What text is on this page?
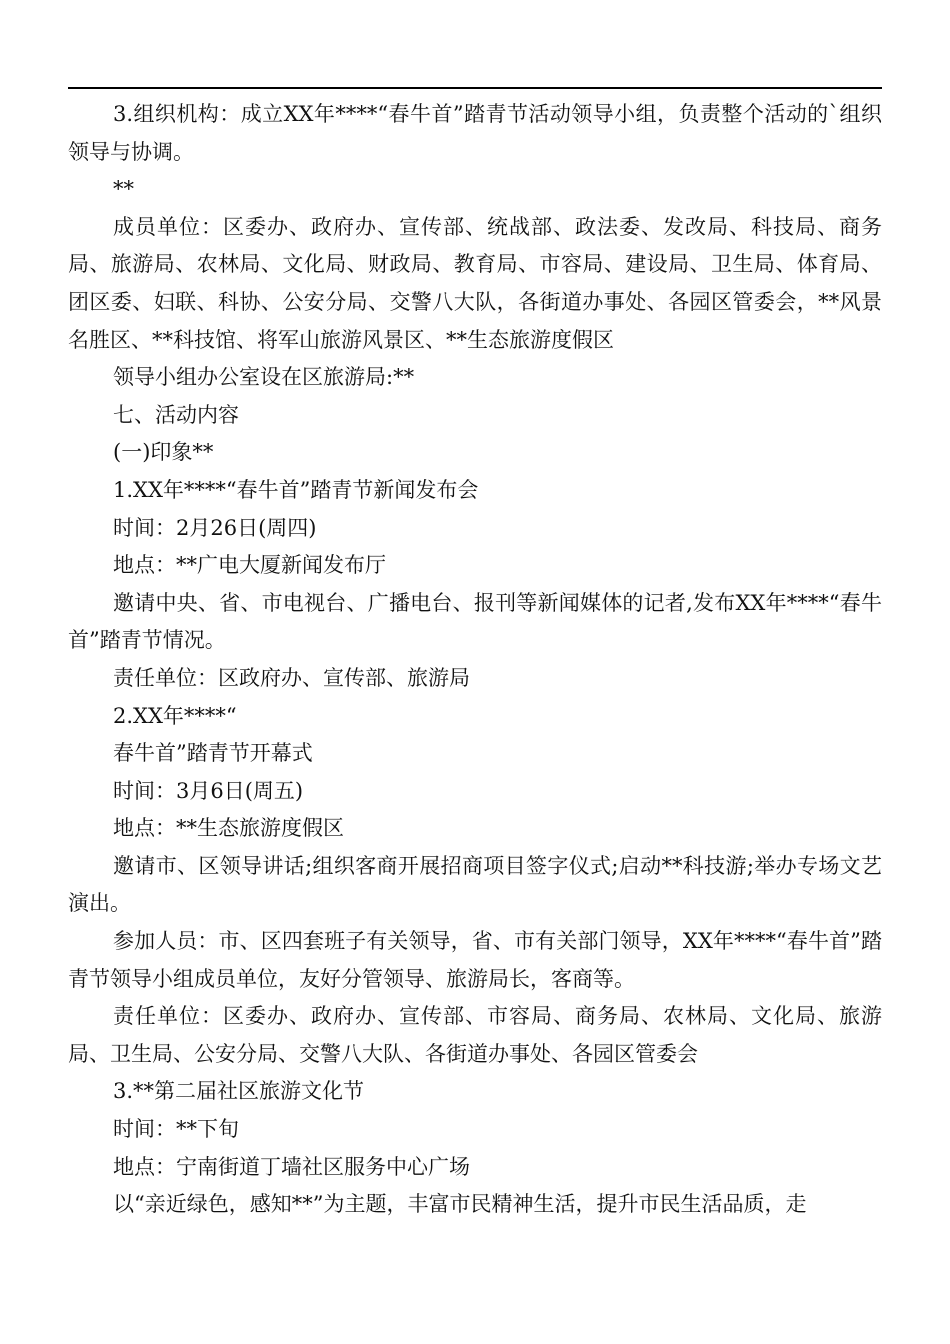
3.组织机构：成立XX年****“春牛首”踏青节活动领导小组，负责整个活动的`组织领导与协调。

**

成员单位：区委办、政府办、宣传部、统战部、政法委、发改局、科技局、商务局、旅游局、农林局、文化局、财政局、教育局、市容局、建设局、卫生局、体育局、团区委、妇联、科协、公安分局、交警八大队，各街道办事处、各园区管委会，**风景名胜区、**科技馆、将军山旅游风景区、**生态旅游度假区

领导小组办公室设在区旅游局:**

七、活动内容

(一)印象**

1.XX年****“春牛首”踏青节新闻发布会

时间：2月26日(周四)

地点：**广电大厦新闻发布厅

邀请中央、省、市电视台、广播电台、报刊等新闻媒体的记者,发布XX年****“春牛首”踏青节情况。

责任单位：区政府办、宣传部、旅游局

2.XX年****“

春牛首”踏青节开幕式

时间：3月6日(周五)

地点：**生态旅游度假区

邀请市、区领导讲话;组织客商开展招商项目签字仪式;启动**科技游;举办专场文艺演出。

参加人员：市、区四套班子有关领导，省、市有关部门领导，XX年****“春牛首”踏青节领导小组成员单位，友好分管领导、旅游局长，客商等。

责任单位：区委办、政府办、宣传部、市容局、商务局、农林局、文化局、旅游局、卫生局、公安分局、交警八大队、各街道办事处、各园区管委会

3.**第二届社区旅游文化节

时间：**下旬

地点：宁南街道丁墙社区服务中心广场

以“亲近绿色，感知**”为主题，丰富市民精神生活，提升市民生活品质，走
